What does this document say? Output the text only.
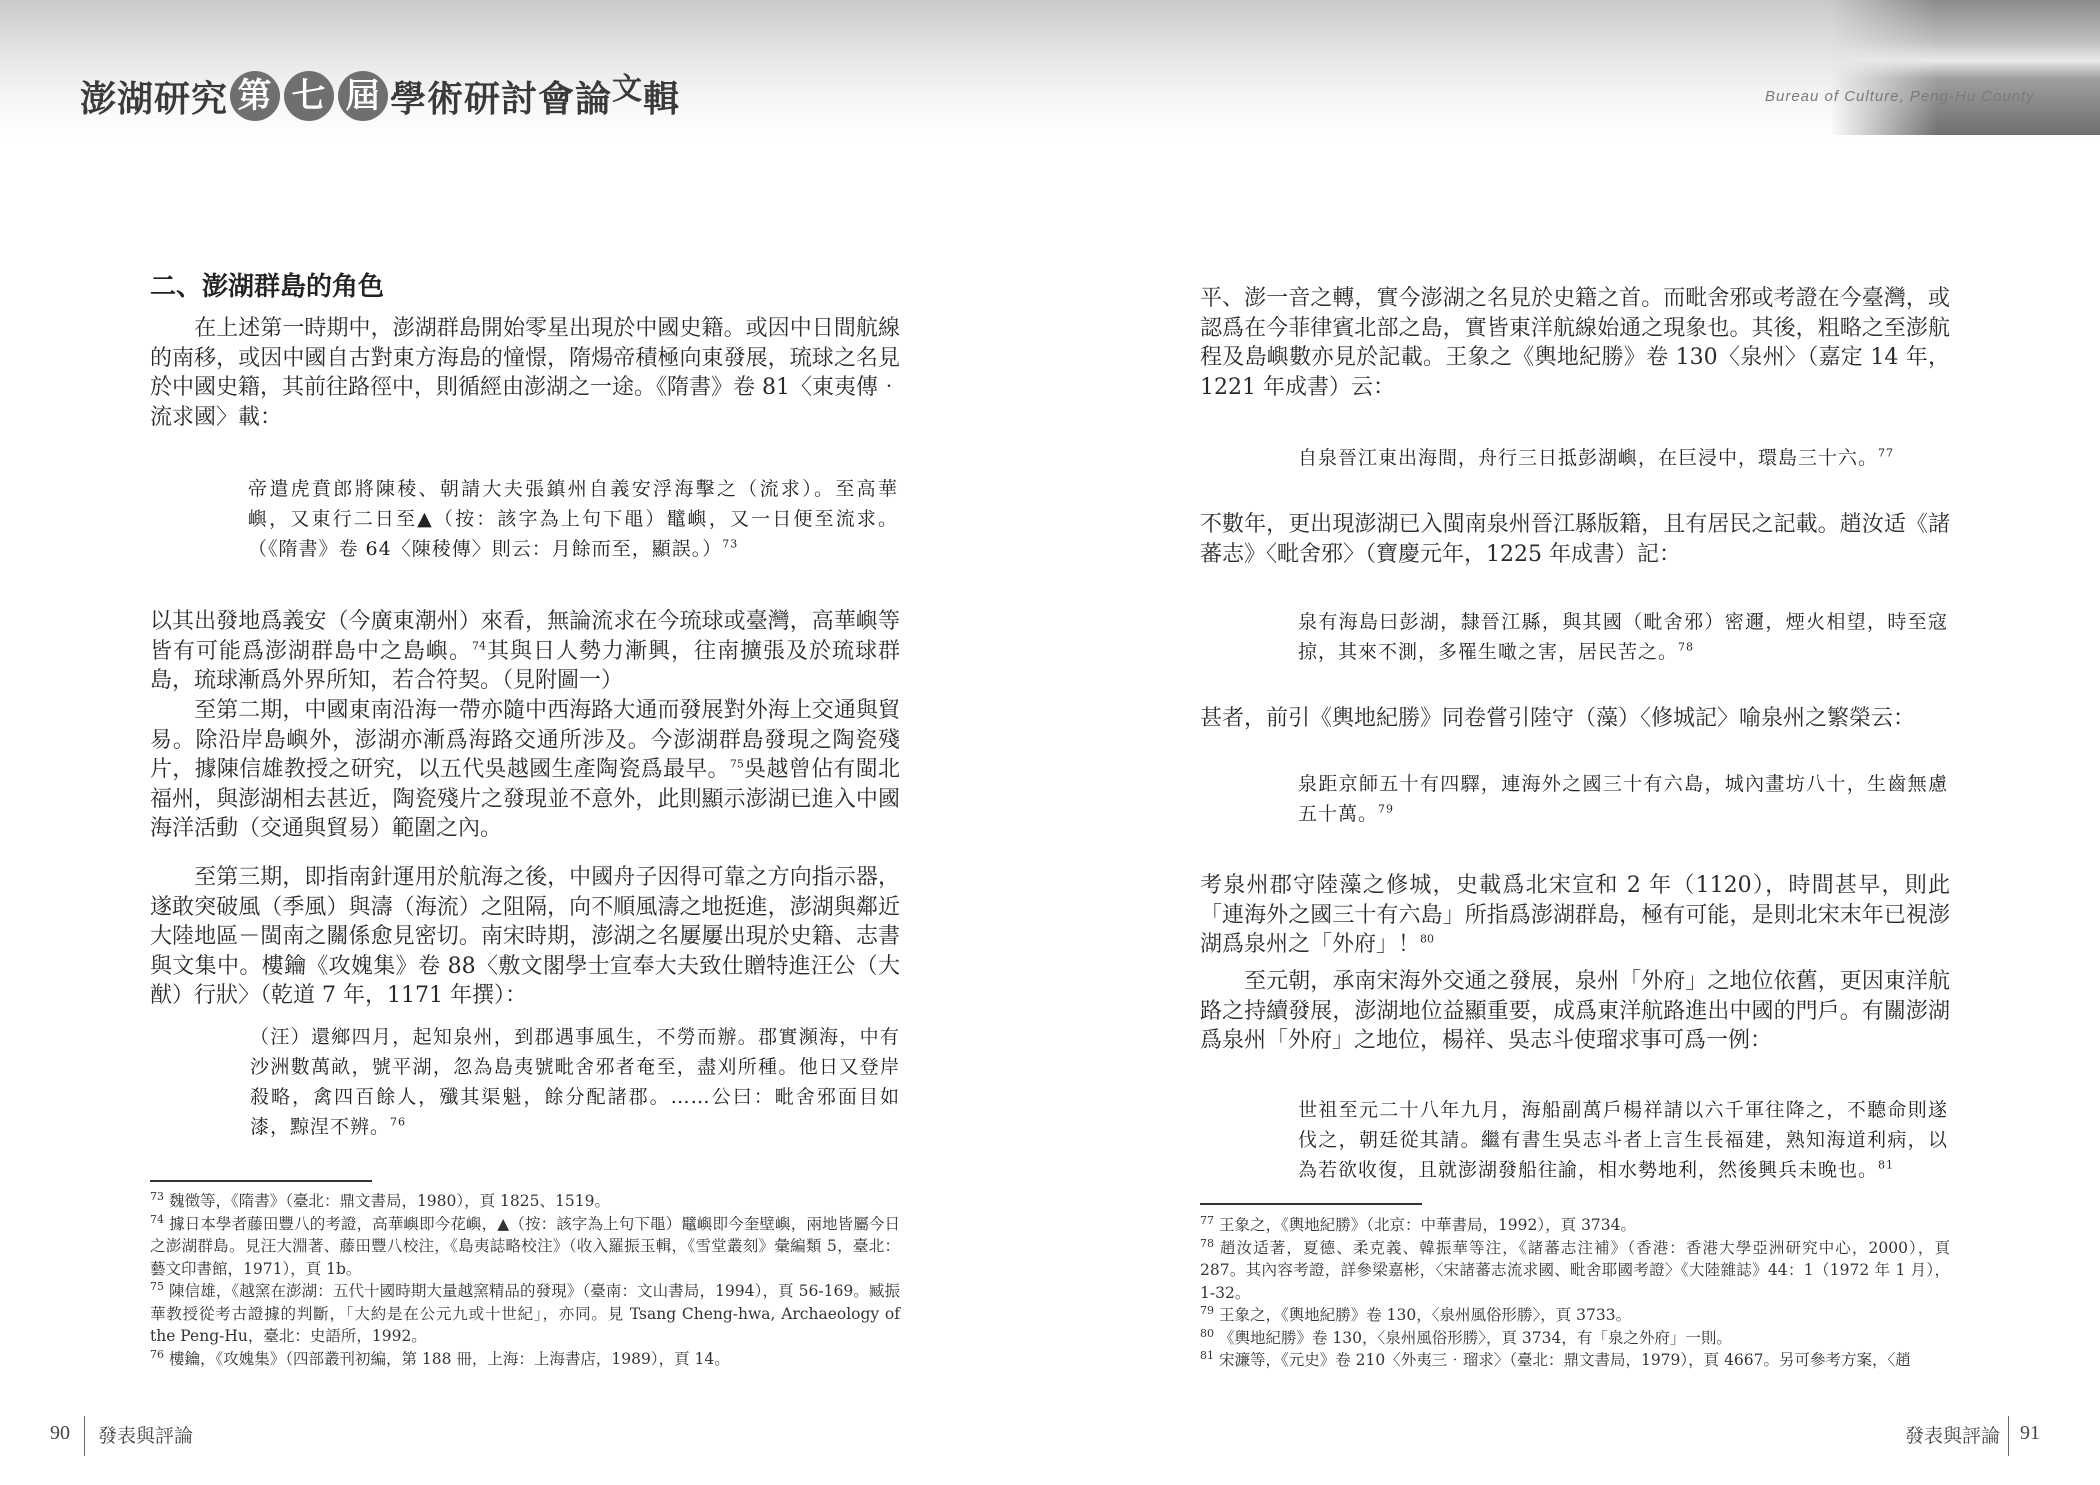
澎湖研究 第 七 屆 學術研討會論 文 輯	Bureau of Culture, Peng-Hu County
二、澎湖群島的角色
　　在上述第一時期中，澎湖群島開始零星出現於中國史籍。或因中日間航線的南移，或因中國自古對東方海島的憧憬，隋煬帝積極向東發展，琉球之名見於中國史籍，其前往路徑中，則循經由澎湖之一途。《隋書》卷 81〈東夷傳‧流求國〉載：
帝遣虎賁郎將陳稜、朝請大夫張鎮州自義安浮海擊之（流求）。至高華嶼，又東行二日至▲（按：該字為上句下黽）鼊嶼，又一日便至流求。（《隋書》卷 64〈陳稜傳〉則云：月餘而至，顯誤。）$^{73}$
以其出發地爲義安（今廣東潮州）來看，無論流求在今琉球或臺灣，高華嶼等皆有可能爲澎湖群島中之島嶼。$^{74}$其與日人勢力漸興，往南擴張及於琉球群島，琉球漸爲外界所知，若合符契。（見附圖一）
　　至第二期，中國東南沿海一帶亦隨中西海路大通而發展對外海上交通與貿易。除沿岸島嶼外，澎湖亦漸爲海路交通所涉及。今澎湖群島發現之陶瓷殘片，據陳信雄教授之研究，以五代吳越國生產陶瓷爲最早。$^{75}$吳越曾佔有閩北福州，與澎湖相去甚近，陶瓷殘片之發現並不意外，此則顯示澎湖已進入中國海洋活動（交通與貿易）範圍之內。
　　至第三期，即指南針運用於航海之後，中國舟子因得可靠之方向指示器，遂敢突破風（季風）與濤（海流）之阻隔，向不順風濤之地挺進，澎湖與鄰近大陸地區－閩南之關係愈見密切。南宋時期，澎湖之名屢屢出現於史籍、志書與文集中。樓鑰《攻媿集》卷 88〈敷文閣學士宣奉大夫致仕贈特進汪公（大猷）行狀〉（乾道 7 年，1171 年撰）：
（汪）還鄉四月，起知泉州，到郡遇事風生，不勞而辦。郡實瀕海，中有沙洲數萬畝，號平湖，忽為島夷號毗舍邪者奄至，盡刈所種。他日又登岸殺略，禽四百餘人，殲其渠魁，餘分配諸郡。……公曰：毗舍邪面目如漆，黥涅不辨。$^{76}$

$^{73}$ 魏徵等，《隋書》（臺北：鼎文書局，1980），頁 1825、1519。

$^{74}$ 據日本學者藤田豐八的考證，高華嶼即今花嶼，▲（按：該字為上句下黽）鼊嶼即今奎壁嶼，兩地皆屬今日之澎湖群島。見汪大淵著、藤田豐八校注，《島夷誌略校注》（收入羅振玉輯，《雪堂叢刻》彙編類 5，臺北：藝文印書館，1971），頁 1b。

$^{75}$ 陳信雄，《越窯在澎湖：五代十國時期大量越窯精品的發現》（臺南：文山書局，1994），頁 56-169。臧振華教授從考古證據的判斷，「大約是在公元九或十世紀」，亦同。見 Tsang Cheng-hwa, Archaeology of the Peng-Hu，臺北：史語所，1992。

$^{76}$ 樓鑰，《攻媿集》（四部叢刊初編，第 188 冊，上海：上海書店，1989），頁 14。

90 發表與評論
平、澎一音之轉，實今澎湖之名見於史籍之首。而毗舍邪或考證在今臺灣，或認爲在今菲律賓北部之島，實皆東洋航線始通之現象也。其後，粗略之至澎航程及島嶼數亦見於記載。王象之《輿地紀勝》卷 130〈泉州〉（嘉定 14 年，1221 年成書）云：
自泉晉江東出海間，舟行三日抵彭湖嶼，在巨浸中，環島三十六。$^{77}$
不數年，更出現澎湖已入閩南泉州晉江縣版籍，且有居民之記載。趙汝适《諸蕃志》〈毗舍邪〉（寶慶元年，1225 年成書）記：
泉有海島曰彭湖，隸晉江縣，與其國（毗舍邪）密邇，煙火相望，時至寇掠，其來不測，多罹生噉之害，居民苦之。$^{78}$
甚者，前引《輿地紀勝》同卷嘗引陸守（藻）〈修城記〉喻泉州之繁榮云：
泉距京師五十有四驛，連海外之國三十有六島，城內畫坊八十，生齒無慮五十萬。$^{79}$
考泉州郡守陸藻之修城，史載爲北宋宣和 2 年（1120），時間甚早，則此「連海外之國三十有六島」所指爲澎湖群島，極有可能，是則北宋末年已視澎湖爲泉州之「外府」！$^{80}$
　　至元朝，承南宋海外交通之發展，泉州「外府」之地位依舊，更因東洋航路之持續發展，澎湖地位益顯重要，成爲東洋航路進出中國的門戶。有關澎湖爲泉州「外府」之地位，楊祥、吳志斗使瑠求事可爲一例：
世祖至元二十八年九月，海船副萬戶楊祥請以六千軍往降之，不聽命則遂伐之，朝廷從其請。繼有書生吳志斗者上言生長福建，熟知海道利病，以為若欲收復，且就澎湖發船往諭，相水勢地利，然後興兵未晚也。$^{81}$

$^{77}$ 王象之，《輿地紀勝》（北京：中華書局，1992），頁 3734。

$^{78}$ 趙汝适著，夏德、柔克義、韓振華等注，《諸蕃志注補》（香港：香港大學亞洲研究中心，2000），頁 287。其內容考證，詳參梁嘉彬，〈宋諸蕃志流求國、毗舍耶國考證〉《大陸雜誌》44：1（1972 年 1 月），1-32。

$^{79}$ 王象之，《輿地紀勝》卷 130，〈泉州風俗形勝〉，頁 3733。

$^{80}$ 《輿地紀勝》卷 130，〈泉州風俗形勝〉，頁 3734，有「泉之外府」一則。

$^{81}$ 宋濂等，《元史》卷 210〈外夷三‧瑠求〉（臺北：鼎文書局，1979），頁 4667。另可參考方案，〈趙

發表與評論 91
